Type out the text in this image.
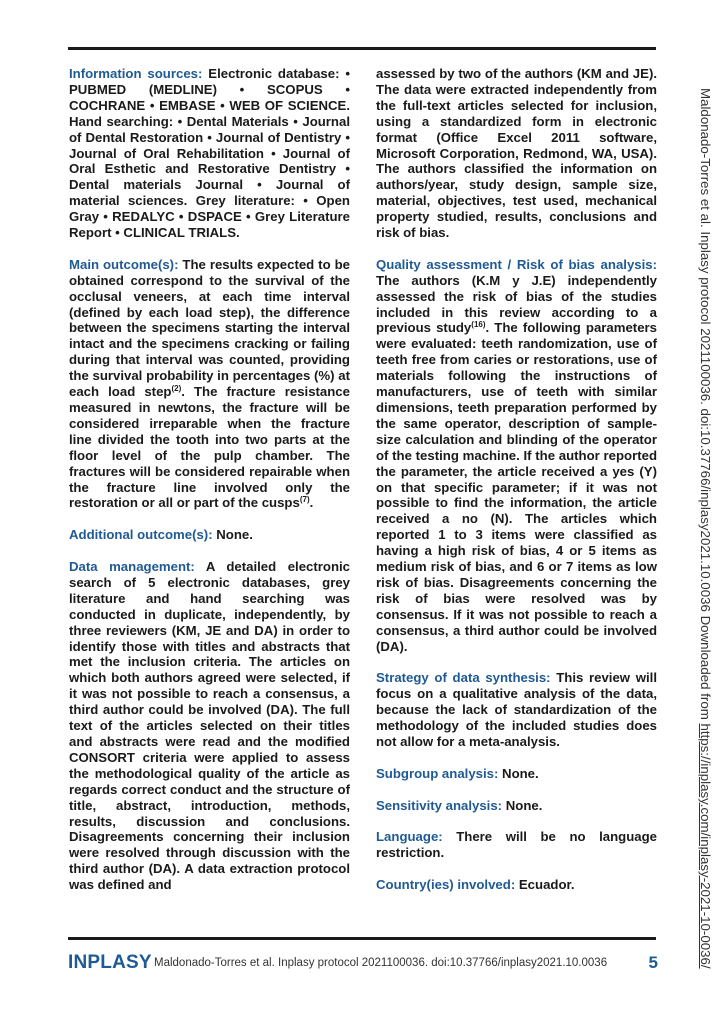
Information sources: Electronic database: • PUBMED (MEDLINE) • SCOPUS • COCHRANE • EMBASE • WEB OF SCIENCE. Hand searching: • Dental Materials • Journal of Dental Restoration • Journal of Dentistry • Journal of Oral Rehabilitation • Journal of Oral Esthetic and Restorative Dentistry • Dental materials Journal • Journal of material sciences. Grey literature: • Open Gray • REDALYC • DSPACE • Grey Literature Report • CLINICAL TRIALS.

Main outcome(s): The results expected to be obtained correspond to the survival of the occlusal veneers, at each time interval (defined by each load step), the difference between the specimens starting the interval intact and the specimens cracking or failing during that interval was counted, providing the survival probability in percentages (%) at each load step$^{(2)}$. The fracture resistance measured in newtons, the fracture will be considered irreparable when the fracture line divided the tooth into two parts at the floor level of the pulp chamber. The fractures will be considered repairable when the fracture line involved only the restoration or all or part of the cusps$^{(7)}$.

Additional outcome(s): None.

Data management: A detailed electronic search of 5 electronic databases, grey literature and hand searching was conducted in duplicate, independently, by three reviewers (KM, JE and DA) in order to identify those with titles and abstracts that met the inclusion criteria. The articles on which both authors agreed were selected, if it was not possible to reach a consensus, a third author could be involved (DA). The full text of the articles selected on their titles and abstracts were read and the modified CONSORT criteria were applied to assess the methodological quality of the article as regards correct conduct and the structure of title, abstract, introduction, methods, results, discussion and conclusions. Disagreements concerning their inclusion were resolved through discussion with the third author (DA). A data extraction protocol was defined and

assessed by two of the authors (KM and JE). The data were extracted independently from the full-text articles selected for inclusion, using a standardized form in electronic format (Office Excel 2011 software, Microsoft Corporation, Redmond, WA, USA). The authors classified the information on authors/year, study design, sample size, material, objectives, test used, mechanical property studied, results, conclusions and risk of bias.

Quality assessment / Risk of bias analysis: The authors (K.M y J.E) independently assessed the risk of bias of the studies included in this review according to a previous study$^{(16)}$. The following parameters were evaluated: teeth randomization, use of teeth free from caries or restorations, use of materials following the instructions of manufacturers, use of teeth with similar dimensions, teeth preparation performed by the same operator, description of sample-size calculation and blinding of the operator of the testing machine. If the author reported the parameter, the article received a yes (Y) on that specific parameter; if it was not possible to find the information, the article received a no (N). The articles which reported 1 to 3 items were classified as having a high risk of bias, 4 or 5 items as medium risk of bias, and 6 or 7 items as low risk of bias. Disagreements concerning the risk of bias were resolved was by consensus. If it was not possible to reach a consensus, a third author could be involved (DA).

Strategy of data synthesis: This review will focus on a qualitative analysis of the data, because the lack of standardization of the methodology of the included studies does not allow for a meta-analysis.

Subgroup analysis: None.

Sensitivity analysis: None.

Language: There will be no language restriction.

Country(ies) involved: Ecuador.

INPLASY Maldonado-Torres et al. Inplasy protocol 2021100036. doi:10.37766/inplasy2021.10.0036 5
Maldonado-Torres et al. Inplasy protocol 2021100036. doi:10.37766/inplasy2021.10.0036 Downloaded from https://inplasy.com/inplasy-2021-10-0036/
